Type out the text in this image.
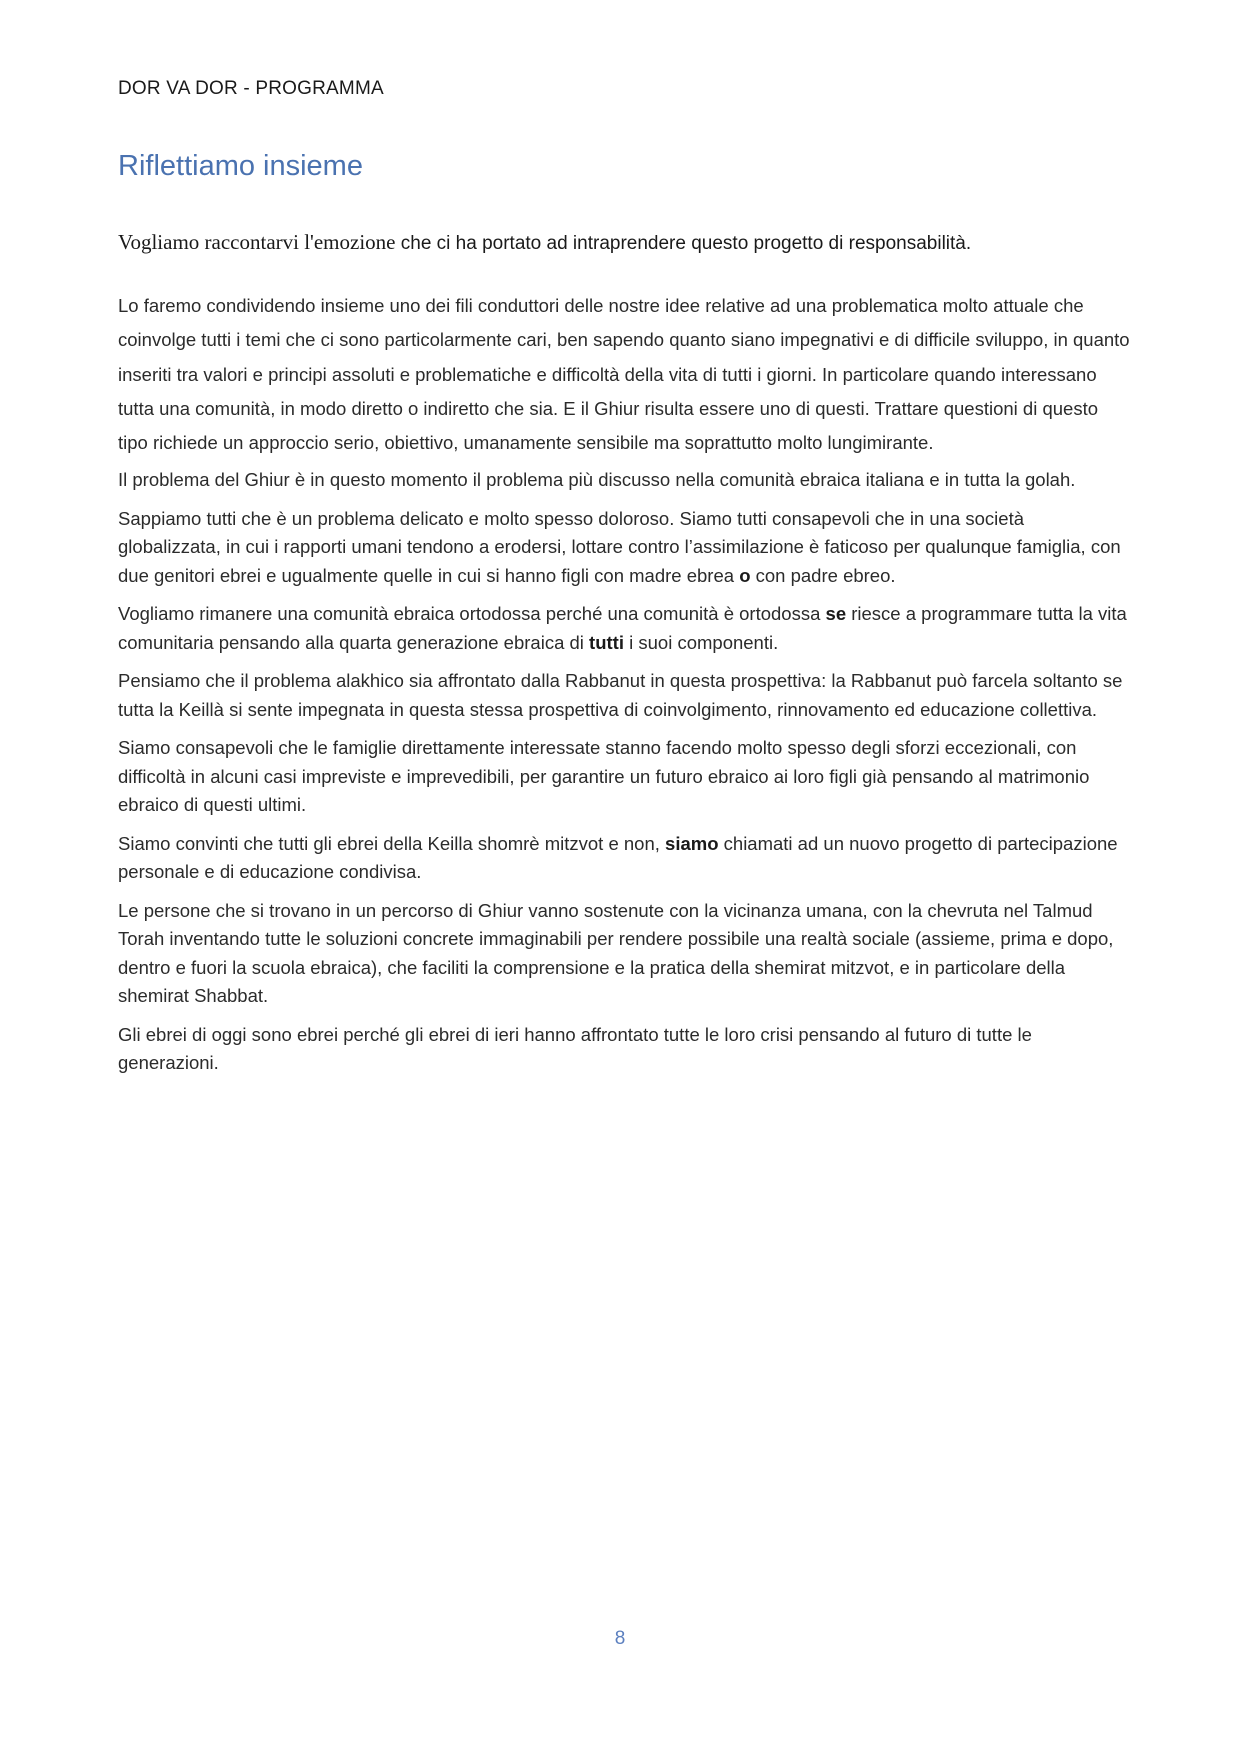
DOR VA DOR - PROGRAMMA
Riflettiamo insieme

Vogliamo raccontarvi l'emozione che ci ha portato ad intraprendere questo progetto di responsabilità.

Lo faremo condividendo insieme uno dei fili conduttori delle nostre idee relative ad una problematica molto attuale che coinvolge tutti i temi che ci sono particolarmente cari, ben sapendo quanto siano impegnativi e di difficile sviluppo, in quanto inseriti tra valori e principi assoluti e problematiche e difficoltà della vita di tutti i giorni. In particolare quando interessano tutta una comunità, in modo diretto o indiretto che sia. E il Ghiur risulta essere uno di questi. Trattare questioni di questo tipo richiede un approccio serio, obiettivo, umanamente sensibile ma soprattutto molto lungimirante.

Il problema del Ghiur è in questo momento il problema più discusso nella comunità ebraica italiana e in tutta la golah.

Sappiamo tutti che è un problema delicato e molto spesso doloroso. Siamo tutti consapevoli che in una società globalizzata, in cui i rapporti umani tendono a erodersi, lottare contro l’assimilazione è faticoso per qualunque famiglia, con due genitori ebrei e ugualmente quelle in cui si hanno figli con madre ebrea o con padre ebreo.

Vogliamo rimanere una comunità ebraica ortodossa perché una comunità è ortodossa se riesce a programmare tutta la vita comunitaria pensando alla quarta generazione ebraica di tutti i suoi componenti.

Pensiamo che il problema alakhico sia affrontato dalla Rabbanut in questa prospettiva: la Rabbanut può farcela soltanto se tutta la Keillà si sente impegnata in questa stessa prospettiva di coinvolgimento, rinnovamento ed educazione collettiva.

Siamo consapevoli che le famiglie direttamente interessate stanno facendo molto spesso degli sforzi eccezionali, con difficoltà in alcuni casi impreviste e imprevedibili, per garantire un futuro ebraico ai loro figli già pensando al matrimonio ebraico di questi ultimi.

Siamo convinti che tutti gli ebrei della Keilla shomrè mitzvot e non, siamo chiamati ad un nuovo progetto di partecipazione personale e di educazione condivisa.

Le persone che si trovano in un percorso di Ghiur vanno sostenute con la vicinanza umana, con la chevruta nel Talmud Torah inventando tutte le soluzioni concrete immaginabili per rendere possibile una realtà sociale (assieme, prima e dopo, dentro e fuori la scuola ebraica), che faciliti la comprensione e la pratica della shemirat mitzvot, e in particolare della shemirat Shabbat.

Gli ebrei di oggi sono ebrei perché gli ebrei di ieri hanno affrontato tutte le loro crisi pensando al futuro di tutte le generazioni.

8
